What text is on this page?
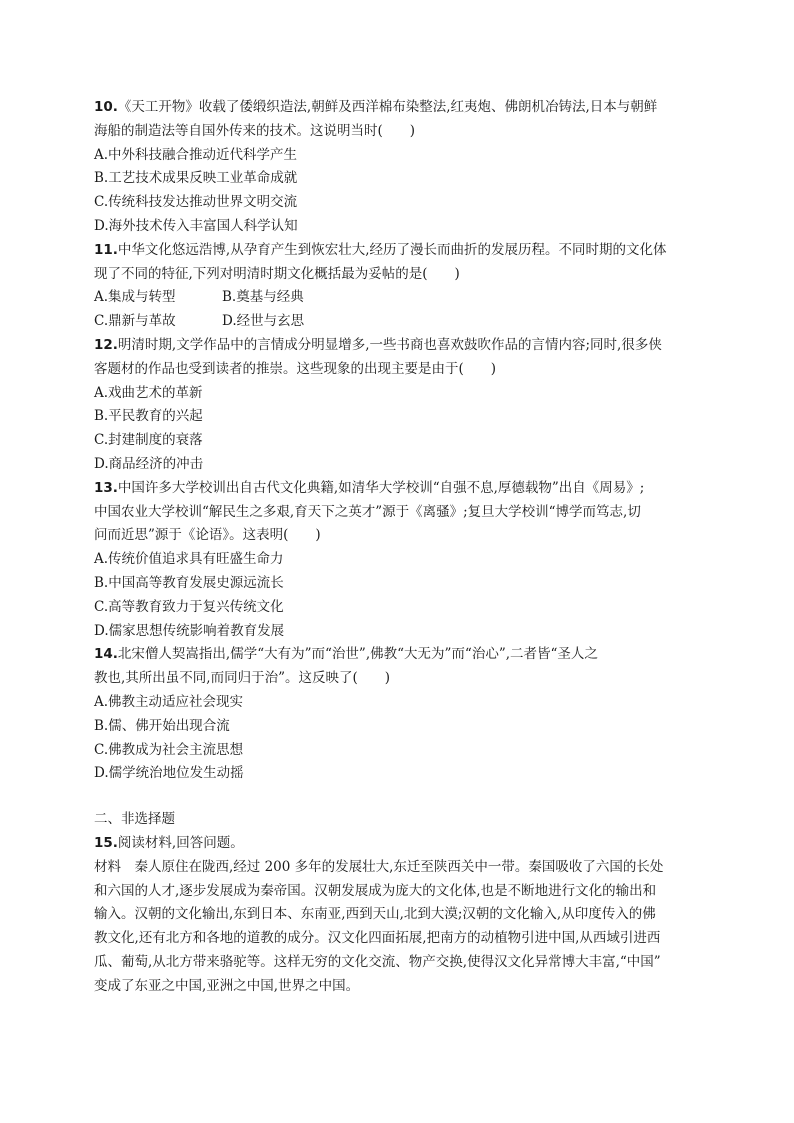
10.《天工开物》收载了倭缎织造法,朝鲜及西洋棉布染整法,红夷炮、佛朗机冶铸法,日本与朝鲜
海船的制造法等自国外传来的技术。这说明当时(　　)
A.中外科技融合推动近代科学产生
B.工艺技术成果反映工业革命成就
C.传统科技发达推动世界文明交流
D.海外技术传入丰富国人科学认知
11.中华文化悠远浩博,从孕育产生到恢宏壮大,经历了漫长而曲折的发展历程。不同时期的文化体
现了不同的特征,下列对明清时期文化概括最为妥帖的是(　　)
A.集成与转型	B.奠基与经典
C.鼎新与革故	D.经世与玄思
12.明清时期,文学作品中的言情成分明显增多,一些书商也喜欢鼓吹作品的言情内容;同时,很多侠
客题材的作品也受到读者的推崇。这些现象的出现主要是由于(　　)
A.戏曲艺术的革新
B.平民教育的兴起
C.封建制度的衰落
D.商品经济的冲击
13.中国许多大学校训出自古代文化典籍,如清华大学校训“自强不息,厚德载物”出自《周易》;
中国农业大学校训“解民生之多艰,育天下之英才”源于《离骚》;复旦大学校训“博学而笃志,切
问而近思”源于《论语》。这表明(　　)
A.传统价值追求具有旺盛生命力
B.中国高等教育发展史源远流长
C.高等教育致力于复兴传统文化
D.儒家思想传统影响着教育发展
14.北宋僧人契嵩指出,儒学“大有为”而“治世”,佛教“大无为”而“治心”,二者皆“圣人之
教也,其所出虽不同,而同归于治”。这反映了(　　)
A.佛教主动适应社会现实
B.儒、佛开始出现合流
C.佛教成为社会主流思想
D.儒学统治地位发生动摇
二、非选择题
15.阅读材料,回答问题。
材料　秦人原住在陇西,经过 200 多年的发展壮大,东迁至陕西关中一带。秦国吸收了六国的长处
和六国的人才,逐步发展成为秦帝国。汉朝发展成为庞大的文化体,也是不断地进行文化的输出和
输入。汉朝的文化输出,东到日本、东南亚,西到天山,北到大漠;汉朝的文化输入,从印度传入的佛
教文化,还有北方和各地的道教的成分。汉文化四面拓展,把南方的动植物引进中国,从西域引进西
瓜、葡萄,从北方带来骆驼等。这样无穷的文化交流、物产交换,使得汉文化异常博大丰富,“中国”
变成了东亚之中国,亚洲之中国,世界之中国。
